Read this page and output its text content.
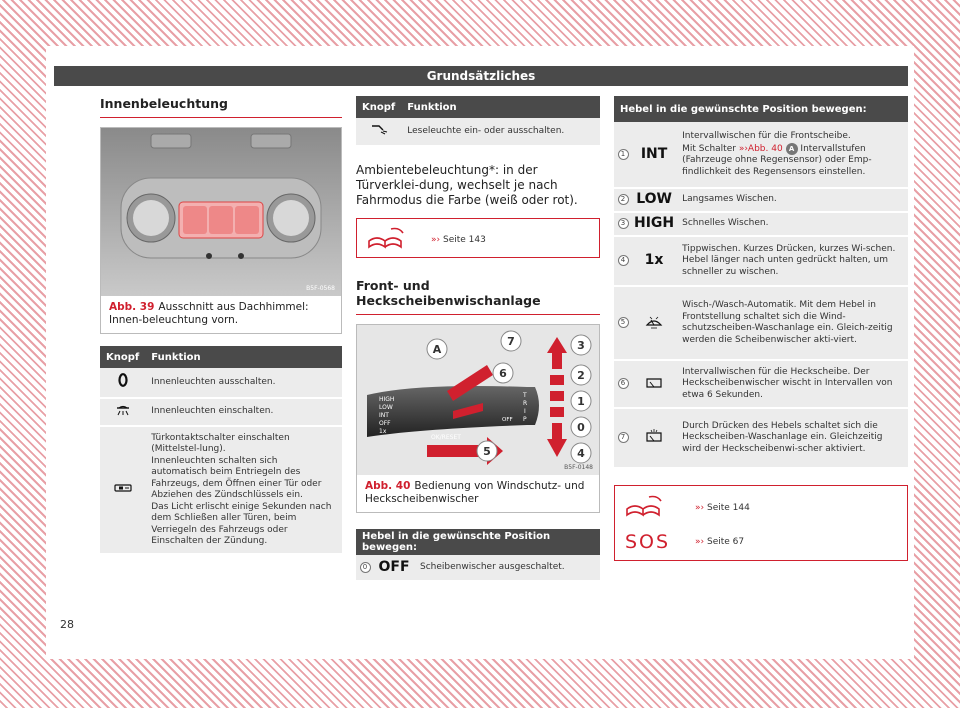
Grundsätzliches
Innenbeleuchtung
B5F-0568
Abb. 39 Ausschnitt aus Dachhimmel: Innen-beleuchtung vorn.
Knopf	Funktion
	Innenleuchten ausschalten.
	Innenleuchten einschalten.
	Türkontaktschalter einschalten (Mittelstel-lung).
Innenleuchten schalten sich automatisch beim Entriegeln des Fahrzeugs, dem Öffnen einer Tür oder Abziehen des Zündschlüssels ein.
Das Licht erlischt einige Sekunden nach dem Schließen aller Türen, beim Verriegeln des Fahrzeugs oder Einschalten der Zündung.
Knopf	Funktion
	Leseleuchte ein- oder ausschalten.
Ambientebeleuchtung*: in der Türverklei-dung, wechselt je nach Fahrmodus die Farbe (weiß oder rot).
»› Seite 143
Front- und Heckscheibenwischanlage
HIGH
LOW
INT
OFF
1x
OK/RESET
OFF
T
R
I
P
A
7
6
5
3
2
1
0
4
B5F-0148
Abb. 40 Bedienung von Windschutz- und Heckscheibenwischer
Hebel in die gewünschte Position bewegen:
0	OFF	Scheibenwischer ausgeschaltet.
Hebel in die gewünschte Position bewegen:		
1	INT	Intervallwischen für die Frontscheibe.
Mit Schalter »›Abb. 40 A Intervallstufen (Fahrzeuge ohne Regensensor) oder Emp-findlichkeit des Regensensors einstellen.
2	LOW	Langsames Wischen.
3	HIGH	Schnelles Wischen.
4	1x	Tippwischen. Kurzes Drücken, kurzes Wi-schen. Hebel länger nach unten gedrückt halten, um schneller zu wischen.
5		Wisch-/Wasch-Automatik. Mit dem Hebel in Frontstellung schaltet sich die Wind-schutzscheiben-Waschanlage ein. Gleich-zeitig werden die Scheibenwischer akti-viert.
6		Intervallwischen für die Heckscheibe. Der Heckscheibenwischer wischt in Intervallen von etwa 6 Sekunden.
7		Durch Drücken des Hebels schaltet sich die Heckscheiben-Waschanlage ein. Gleichzeitig wird der Heckscheibenwi-scher aktiviert.
»› Seite 144
SOS	»› Seite 67
28
